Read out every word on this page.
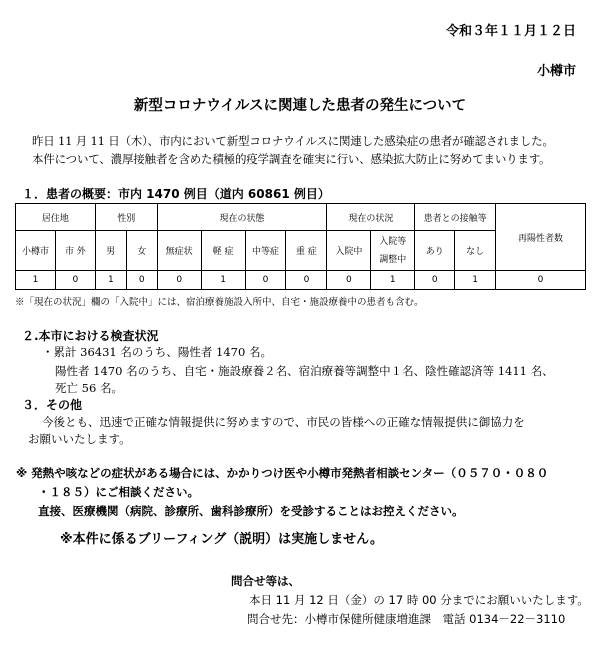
令和３年１１月１２日
小樽市
新型コロナウイルスに関連した患者の発生について
昨日 11 月 11 日（木）、市内において新型コロナウイルスに関連した感染症の患者が確認されました。
本件について、濃厚接触者を含めた積極的疫学調査を確実に行い、感染拡大防止に努めてまいります。
１．患者の概要：市内 1470 例目（道内 60861 例目）
居住地		性別		現在の状態				現在の状況		患者との接触等		再陽性者数
小樽市	市 外	男	女	無症状	軽 症	中等症	重 症	入院中	入院等
調整中	あり	なし	
1	0	1	0	0	1	0	0	0	1	0	1	0
※「現在の状況」欄の「入院中」には、宿泊療養施設入所中、自宅・施設療養中の患者も含む。
２.本市における検査状況
・累計 36431 名のうち、陽性者 1470 名。
陽性者 1470 名のうち、自宅・施設療養２名、宿泊療養等調整中１名、陰性確認済等 1411 名、
死亡 56 名。
３．その他
今後とも、迅速で正確な情報提供に努めますので、市民の皆様への正確な情報提供に御協力を
お願いいたします。
※ 発熱や咳などの症状がある場合には、かかりつけ医や小樽市発熱者相談センター（０５７０・０８０
・１８５）にご相談ください。
直接、医療機関（病院、診療所、歯科診療所）を受診することはお控えください。
※本件に係るブリーフィング（説明）は実施しません。
問合せ等は、
本日 11 月 12 日（金）の 17 時 00 分までにお願いいたします。
問合せ先：小樽市保健所健康増進課　電話 0134－22－3110
